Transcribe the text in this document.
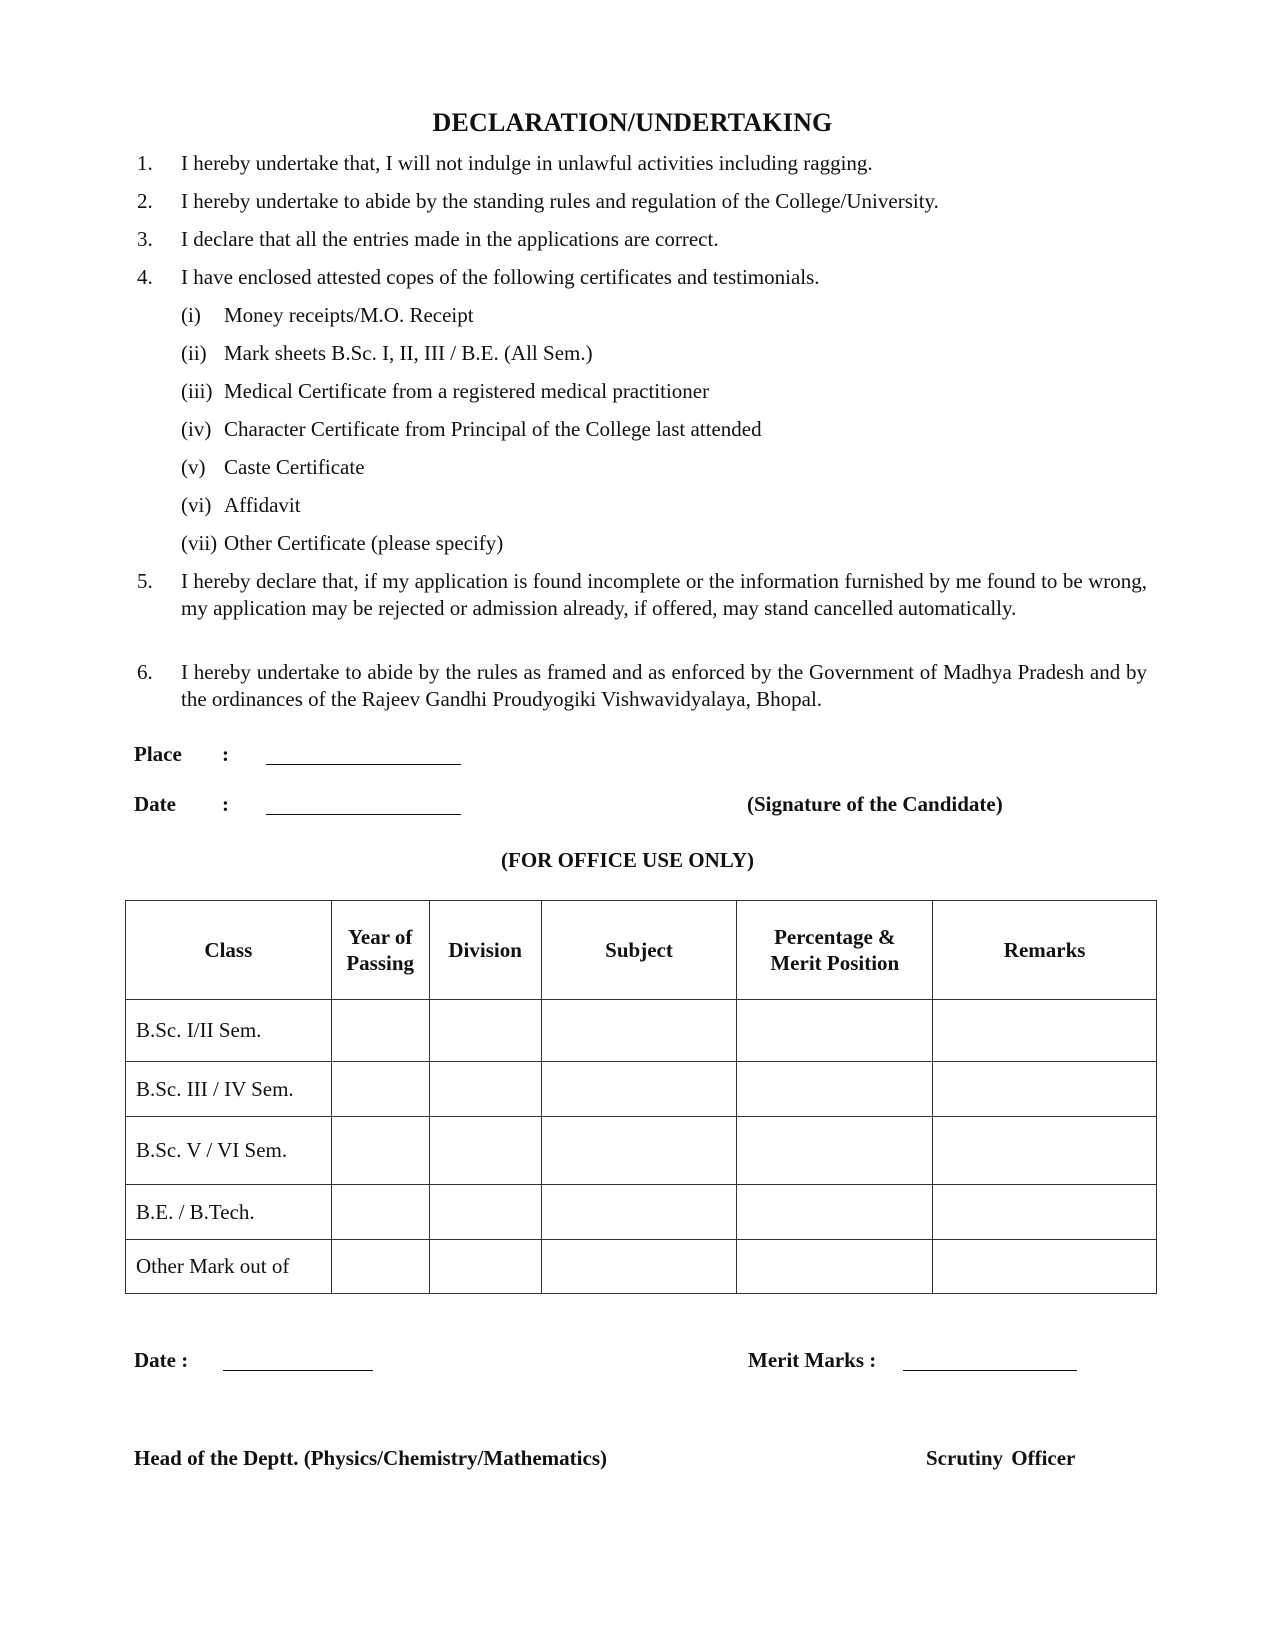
DECLARATION/UNDERTAKING
1.	I hereby undertake that, I will not indulge in unlawful activities including ragging.
2.	I hereby undertake to abide by the standing rules and regulation of the College/University.
3.	I declare that all the entries made in the applications are correct.
4.	I have enclosed attested copes of the following certificates and testimonials.
(i) Money receipts/M.O. Receipt
(ii) Mark sheets B.Sc. I, II, III / B.E. (All Sem.)
(iii) Medical Certificate from a registered medical practitioner
(iv) Character Certificate from Principal of the College last attended
(v) Caste Certificate
(vi) Affidavit
(vii) Other Certificate (please specify)
5.	I hereby declare that, if my application is found incomplete or the information furnished by me found to be wrong, my application may be rejected or admission already, if offered, may stand cancelled automatically.
6.	I hereby undertake to abide by the rules as framed and as enforced by the Government of Madhya Pradesh and by the ordinances of the Rajeev Gandhi Proudyogiki Vishwavidyalaya, Bhopal.
Place :
Date :	(Signature of the Candidate)
(FOR OFFICE USE ONLY)
Class	Year of Passing	Division	Subject	Percentage & Merit Position	Remarks
B.Sc. I/II Sem.					
B.Sc. III / IV Sem.					
B.Sc. V / VI Sem.					
B.E. / B.Tech.					
Other Mark out of					
Date :	Merit Marks :
Head of the Deptt. (Physics/Chemistry/Mathematics)	Scrutiny Officer
